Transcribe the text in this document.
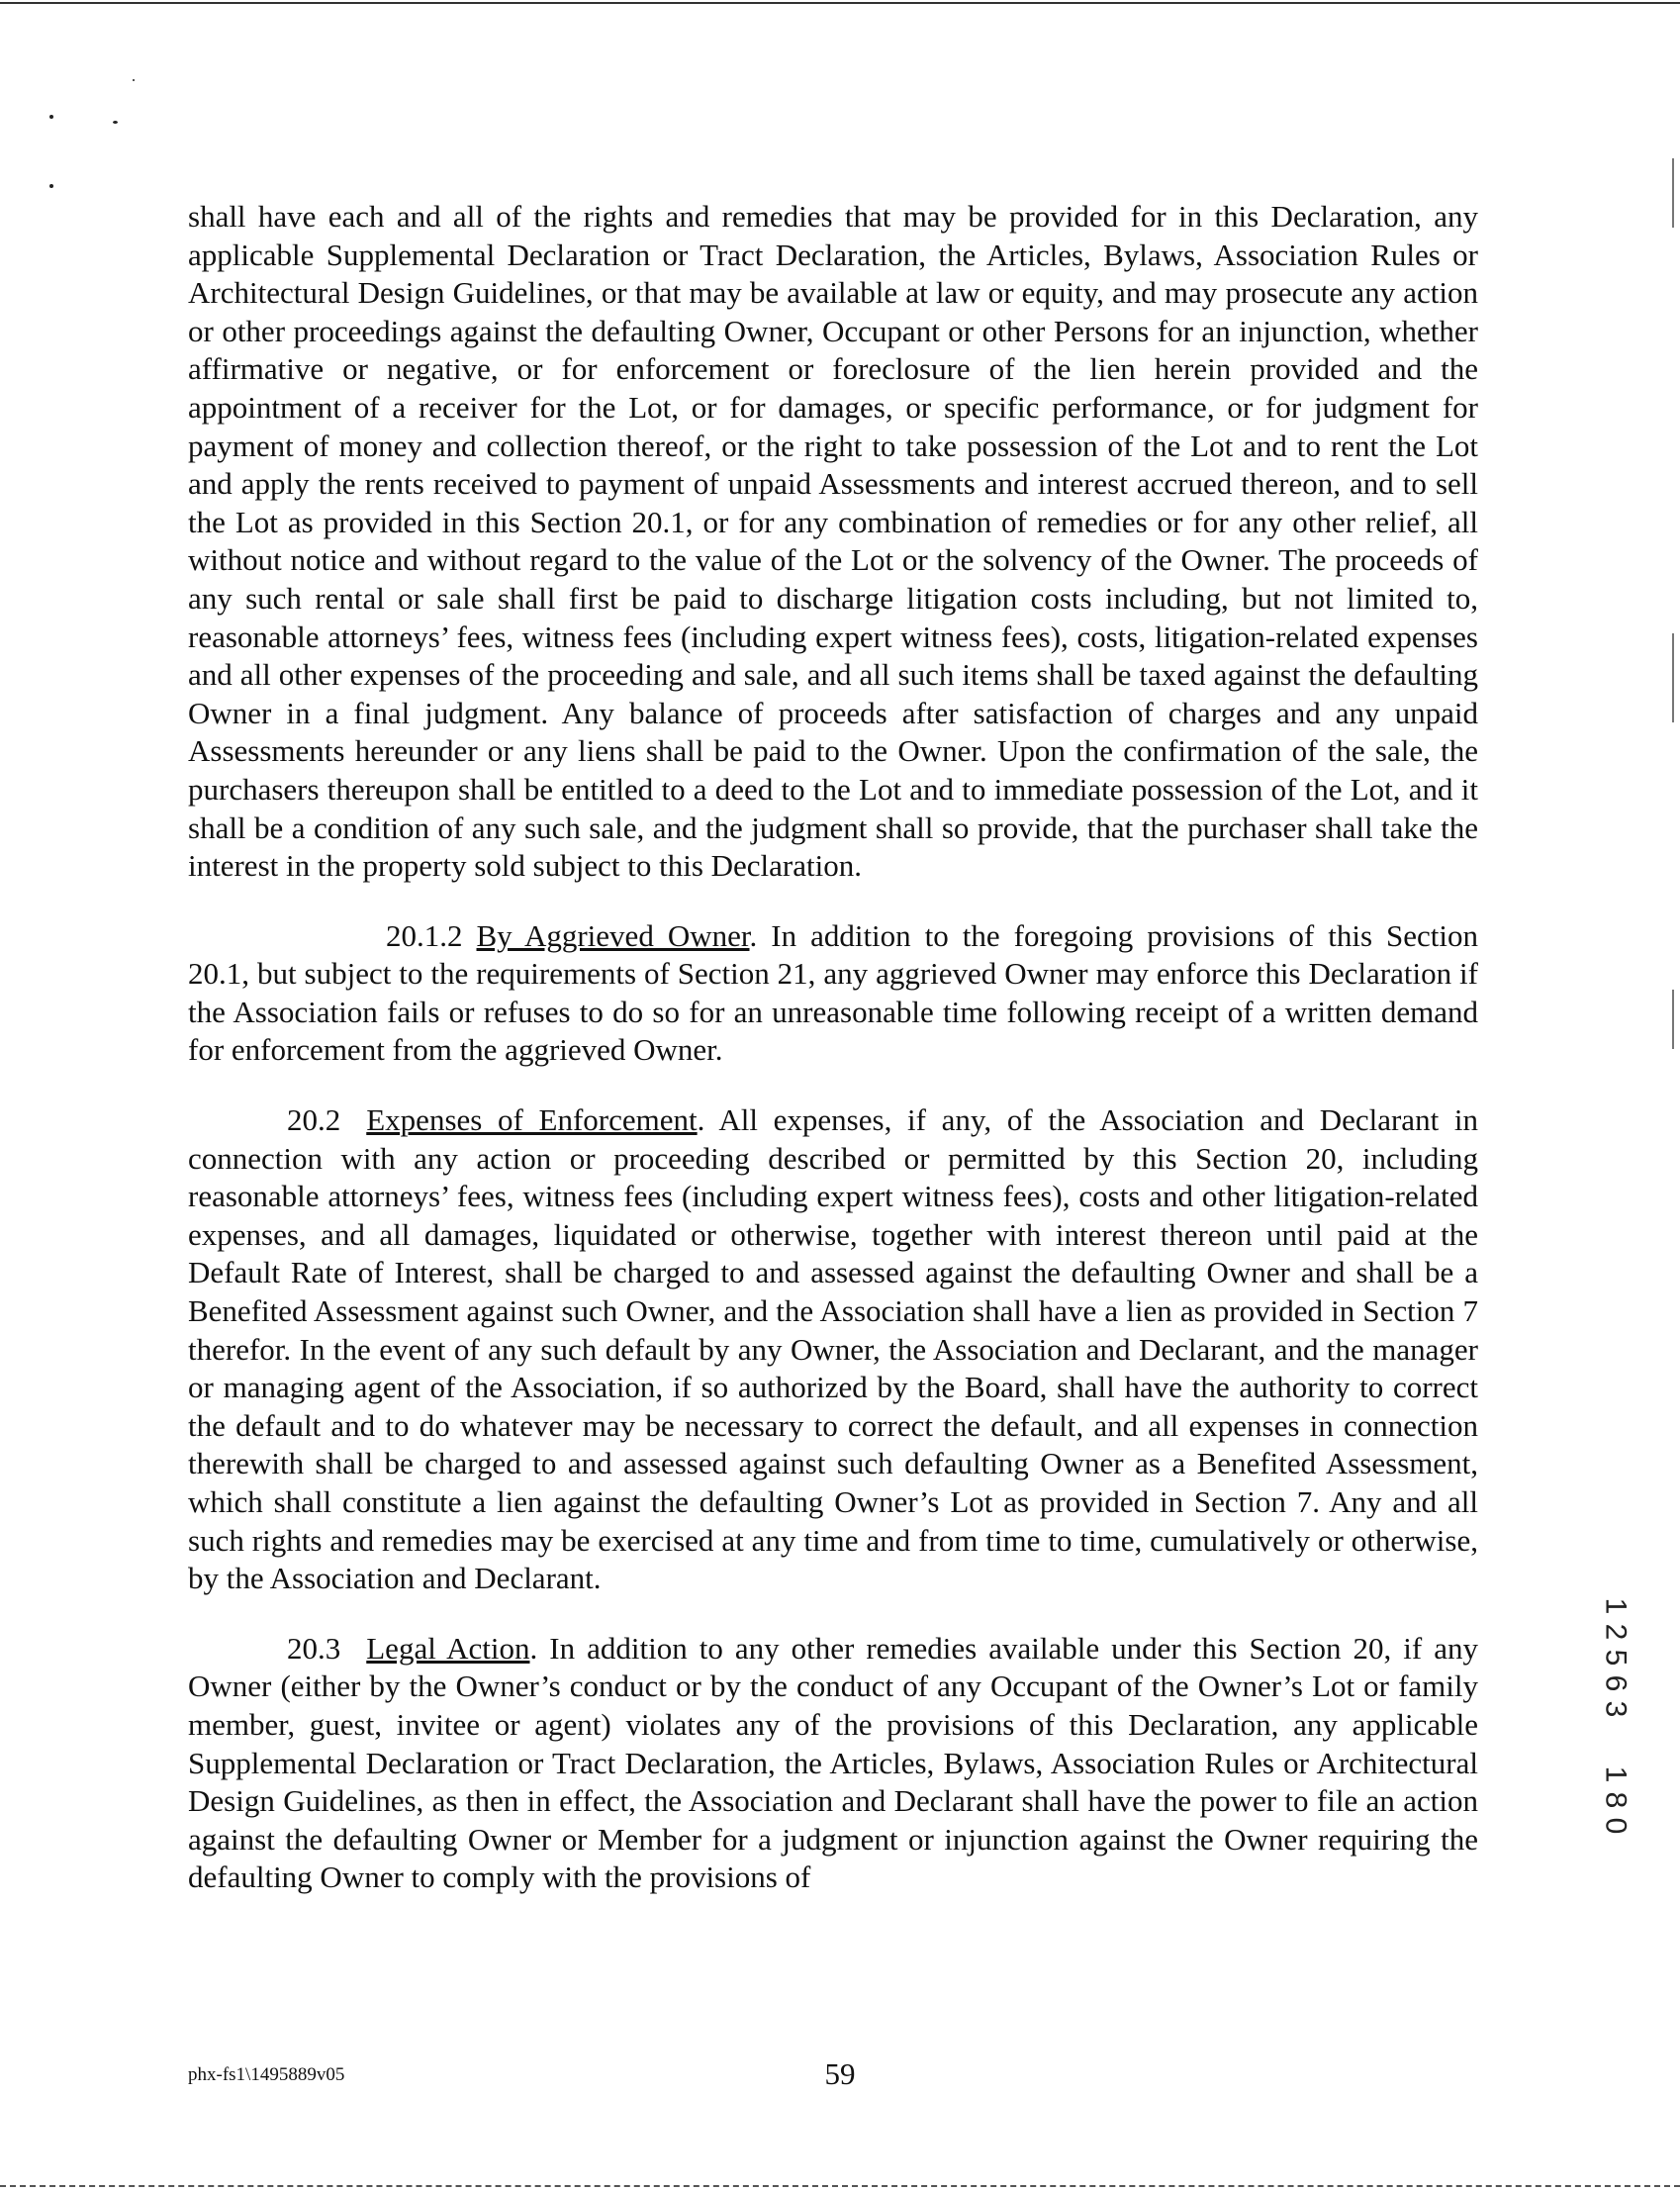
shall have each and all of the rights and remedies that may be provided for in this Declaration, any applicable Supplemental Declaration or Tract Declaration, the Articles, Bylaws, Association Rules or Architectural Design Guidelines, or that may be available at law or equity, and may prosecute any action or other proceedings against the defaulting Owner, Occupant or other Persons for an injunction, whether affirmative or negative, or for enforcement or foreclosure of the lien herein provided and the appointment of a receiver for the Lot, or for damages, or specific performance, or for judgment for payment of money and collection thereof, or the right to take possession of the Lot and to rent the Lot and apply the rents received to payment of unpaid Assessments and interest accrued thereon, and to sell the Lot as provided in this Section 20.1, or for any combination of remedies or for any other relief, all without notice and without regard to the value of the Lot or the solvency of the Owner. The proceeds of any such rental or sale shall first be paid to discharge litigation costs including, but not limited to, reasonable attorneys’ fees, witness fees (including expert witness fees), costs, litigation-related expenses and all other expenses of the proceeding and sale, and all such items shall be taxed against the defaulting Owner in a final judgment. Any balance of proceeds after satisfaction of charges and any unpaid Assessments hereunder or any liens shall be paid to the Owner. Upon the confirmation of the sale, the purchasers thereupon shall be entitled to a deed to the Lot and to immediate possession of the Lot, and it shall be a condition of any such sale, and the judgment shall so provide, that the purchaser shall take the interest in the property sold subject to this Declaration.

20.1.2 By Aggrieved Owner. In addition to the foregoing provisions of this Section 20.1, but subject to the requirements of Section 21, any aggrieved Owner may enforce this Declaration if the Association fails or refuses to do so for an unreasonable time following receipt of a written demand for enforcement from the aggrieved Owner.

20.2 Expenses of Enforcement. All expenses, if any, of the Association and Declarant in connection with any action or proceeding described or permitted by this Section 20, including reasonable attorneys’ fees, witness fees (including expert witness fees), costs and other litigation-related expenses, and all damages, liquidated or otherwise, together with interest thereon until paid at the Default Rate of Interest, shall be charged to and assessed against the defaulting Owner and shall be a Benefited Assessment against such Owner, and the Association shall have a lien as provided in Section 7 therefor. In the event of any such default by any Owner, the Association and Declarant, and the manager or managing agent of the Association, if so authorized by the Board, shall have the authority to correct the default and to do whatever may be necessary to correct the default, and all expenses in connection therewith shall be charged to and assessed against such defaulting Owner as a Benefited Assessment, which shall constitute a lien against the defaulting Owner’s Lot as provided in Section 7. Any and all such rights and remedies may be exercised at any time and from time to time, cumulatively or otherwise, by the Association and Declarant.

20.3 Legal Action. In addition to any other remedies available under this Section 20, if any Owner (either by the Owner’s conduct or by the conduct of any Occupant of the Owner’s Lot or family member, guest, invitee or agent) violates any of the provisions of this Declaration, any applicable Supplemental Declaration or Tract Declaration, the Articles, Bylaws, Association Rules or Architectural Design Guidelines, as then in effect, the Association and Declarant shall have the power to file an action against the defaulting Owner or Member for a judgment or injunction against the Owner requiring the defaulting Owner to comply with the provisions of

1
2
5
6
3
1
8
0
phx-fs1\1495889v05	59
